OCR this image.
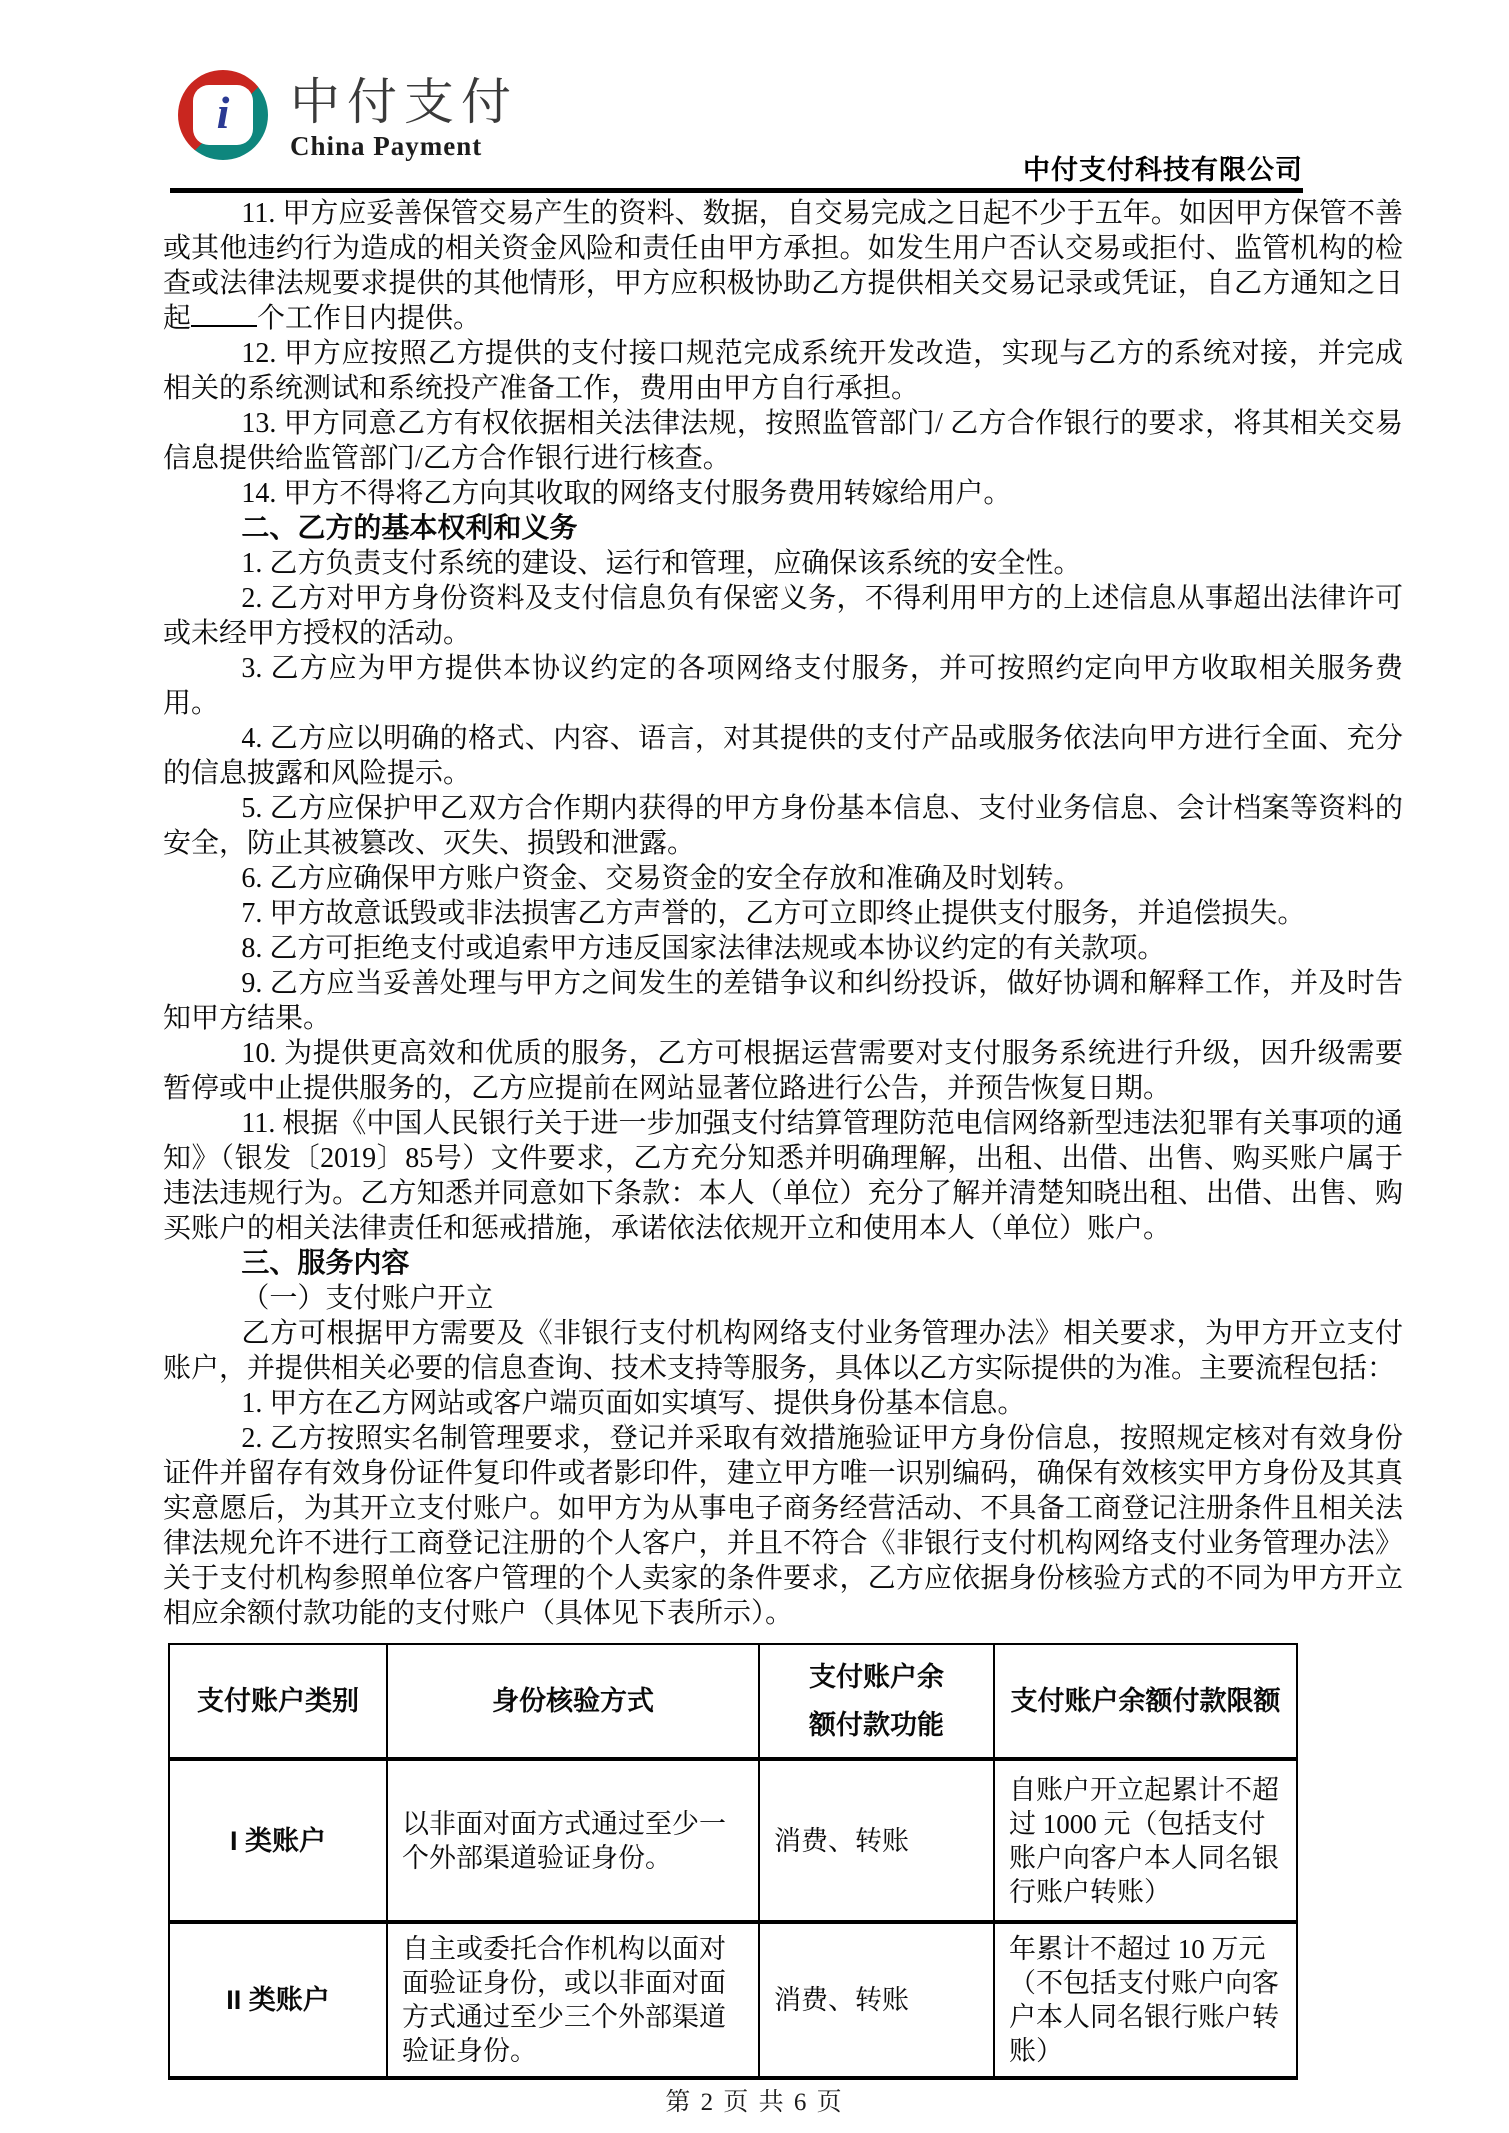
i 中付支付
China Payment
中付支付科技有限公司

11. 甲方应妥善保管交易产生的资料、数据，自交易完成之日起不少于五年。如因甲方保管不善或其他违约行为造成的相关资金风险和责任由甲方承担。如发生用户否认交易或拒付、监管机构的检查或法律法规要求提供的其他情形，甲方应积极协助乙方提供相关交易记录或凭证，自乙方通知之日起 个工作日内提供。

12. 甲方应按照乙方提供的支付接口规范完成系统开发改造，实现与乙方的系统对接，并完成相关的系统测试和系统投产准备工作，费用由甲方自行承担。

13. 甲方同意乙方有权依据相关法律法规，按照监管部门/ 乙方合作银行的要求，将其相关交易信息提供给监管部门/乙方合作银行进行核查。

14. 甲方不得将乙方向其收取的网络支付服务费用转嫁给用户。

二、乙方的基本权利和义务

1. 乙方负责支付系统的建设、运行和管理，应确保该系统的安全性。

2. 乙方对甲方身份资料及支付信息负有保密义务，不得利用甲方的上述信息从事超出法律许可或未经甲方授权的活动。

3. 乙方应为甲方提供本协议约定的各项网络支付服务，并可按照约定向甲方收取相关服务费用。

4. 乙方应以明确的格式、内容、语言，对其提供的支付产品或服务依法向甲方进行全面、充分的信息披露和风险提示。

5. 乙方应保护甲乙双方合作期内获得的甲方身份基本信息、支付业务信息、会计档案等资料的安全，防止其被篡改、灭失、损毁和泄露。

6. 乙方应确保甲方账户资金、交易资金的安全存放和准确及时划转。

7. 甲方故意诋毁或非法损害乙方声誉的，乙方可立即终止提供支付服务，并追偿损失。

8. 乙方可拒绝支付或追索甲方违反国家法律法规或本协议约定的有关款项。

9. 乙方应当妥善处理与甲方之间发生的差错争议和纠纷投诉，做好协调和解释工作，并及时告知甲方结果。

10. 为提供更高效和优质的服务，乙方可根据运营需要对支付服务系统进行升级，因升级需要暂停或中止提供服务的，乙方应提前在网站显著位路进行公告，并预告恢复日期。

11. 根据《中国人民银行关于进一步加强支付结算管理防范电信网络新型违法犯罪有关事项的通知》（银发〔2019〕85号）文件要求，乙方充分知悉并明确理解，出租、出借、出售、购买账户属于违法违规行为。乙方知悉并同意如下条款：本人（单位）充分了解并清楚知晓出租、出借、出售、购买账户的相关法律责任和惩戒措施，承诺依法依规开立和使用本人（单位）账户。

三、服务内容

（一）支付账户开立

乙方可根据甲方需要及《非银行支付机构网络支付业务管理办法》相关要求，为甲方开立支付账户，并提供相关必要的信息查询、技术支持等服务，具体以乙方实际提供的为准。主要流程包括：

1. 甲方在乙方网站或客户端页面如实填写、提供身份基本信息。

2. 乙方按照实名制管理要求，登记并采取有效措施验证甲方身份信息，按照规定核对有效身份证件并留存有效身份证件复印件或者影印件，建立甲方唯一识别编码，确保有效核实甲方身份及其真实意愿后，为其开立支付账户。如甲方为从事电子商务经营活动、不具备工商登记注册条件且相关法律法规允许不进行工商登记注册的个人客户，并且不符合《非银行支付机构网络支付业务管理办法》关于支付机构参照单位客户管理的个人卖家的条件要求，乙方应依据身份核验方式的不同为甲方开立相应余额付款功能的支付账户（具体见下表所示）。

支付账户类别	身份核验方式	支付账户余额付款功能	支付账户余额付款限额
I 类账户	以非面对面方式通过至少一个外部渠道验证身份。	消费、转账	自账户开立起累计不超过 1000 元（包括支付账户向客户本人同名银行账户转账）
II 类账户	自主或委托合作机构以面对面验证身份，或以非面对面方式通过至少三个外部渠道验证身份。	消费、转账	年累计不超过 10 万元（不包括支付账户向客户本人同名银行账户转账）
第 2 页 共 6 页
